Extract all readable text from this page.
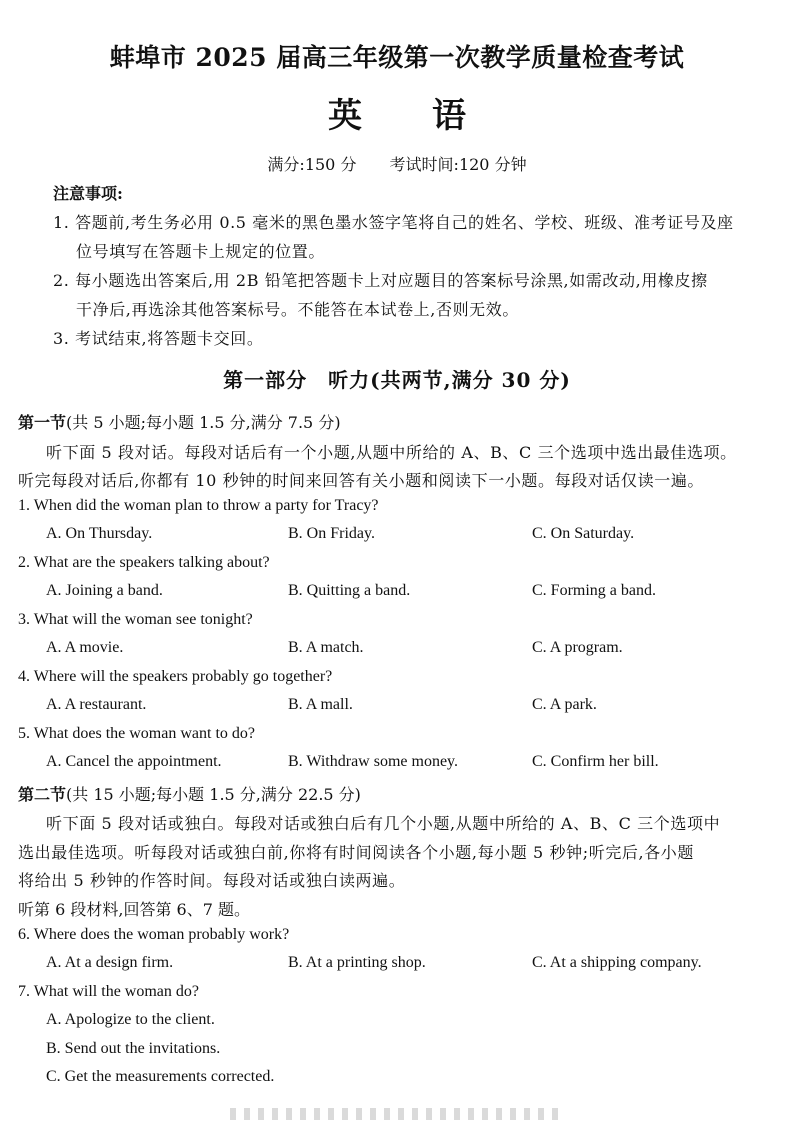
蚌埠市 2025 届高三年级第一次教学质量检查考试
英语
满分:150 分 考试时间:120 分钟
注意事项:
1. 答题前,考生务必用 0.5 毫米的黑色墨水签字笔将自己的姓名、学校、班级、准考证号及座
位号填写在答题卡上规定的位置。
2. 每小题选出答案后,用 2B 铅笔把答题卡上对应题目的答案标号涂黑,如需改动,用橡皮擦
干净后,再选涂其他答案标号。不能答在本试卷上,否则无效。
3. 考试结束,将答题卡交回。
第一部分　听力(共两节,满分 30 分)
第一节(共 5 小题;每小题 1.5 分,满分 7.5 分)
听下面 5 段对话。每段对话后有一个小题,从题中所给的 A、B、C 三个选项中选出最佳选项。
听完每段对话后,你都有 10 秒钟的时间来回答有关小题和阅读下一小题。每段对话仅读一遍。
1. When did the woman plan to throw a party for Tracy?
A. On Thursday.	B. On Friday.	C. On Saturday.
2. What are the speakers talking about?
A. Joining a band.	B. Quitting a band.	C. Forming a band.
3. What will the woman see tonight?
A. A movie.	B. A match.	C. A program.
4. Where will the speakers probably go together?
A. A restaurant.	B. A mall.	C. A park.
5. What does the woman want to do?
A. Cancel the appointment.	B. Withdraw some money.	C. Confirm her bill.
第二节(共 15 小题;每小题 1.5 分,满分 22.5 分)
听下面 5 段对话或独白。每段对话或独白后有几个小题,从题中所给的 A、B、C 三个选项中
选出最佳选项。听每段对话或独白前,你将有时间阅读各个小题,每小题 5 秒钟;听完后,各小题
将给出 5 秒钟的作答时间。每段对话或独白读两遍。
听第 6 段材料,回答第 6、7 题。
6. Where does the woman probably work?
A. At a design firm.	B. At a printing shop.	C. At a shipping company.
7. What will the woman do?
A. Apologize to the client.
B. Send out the invitations.
C. Get the measurements corrected.
